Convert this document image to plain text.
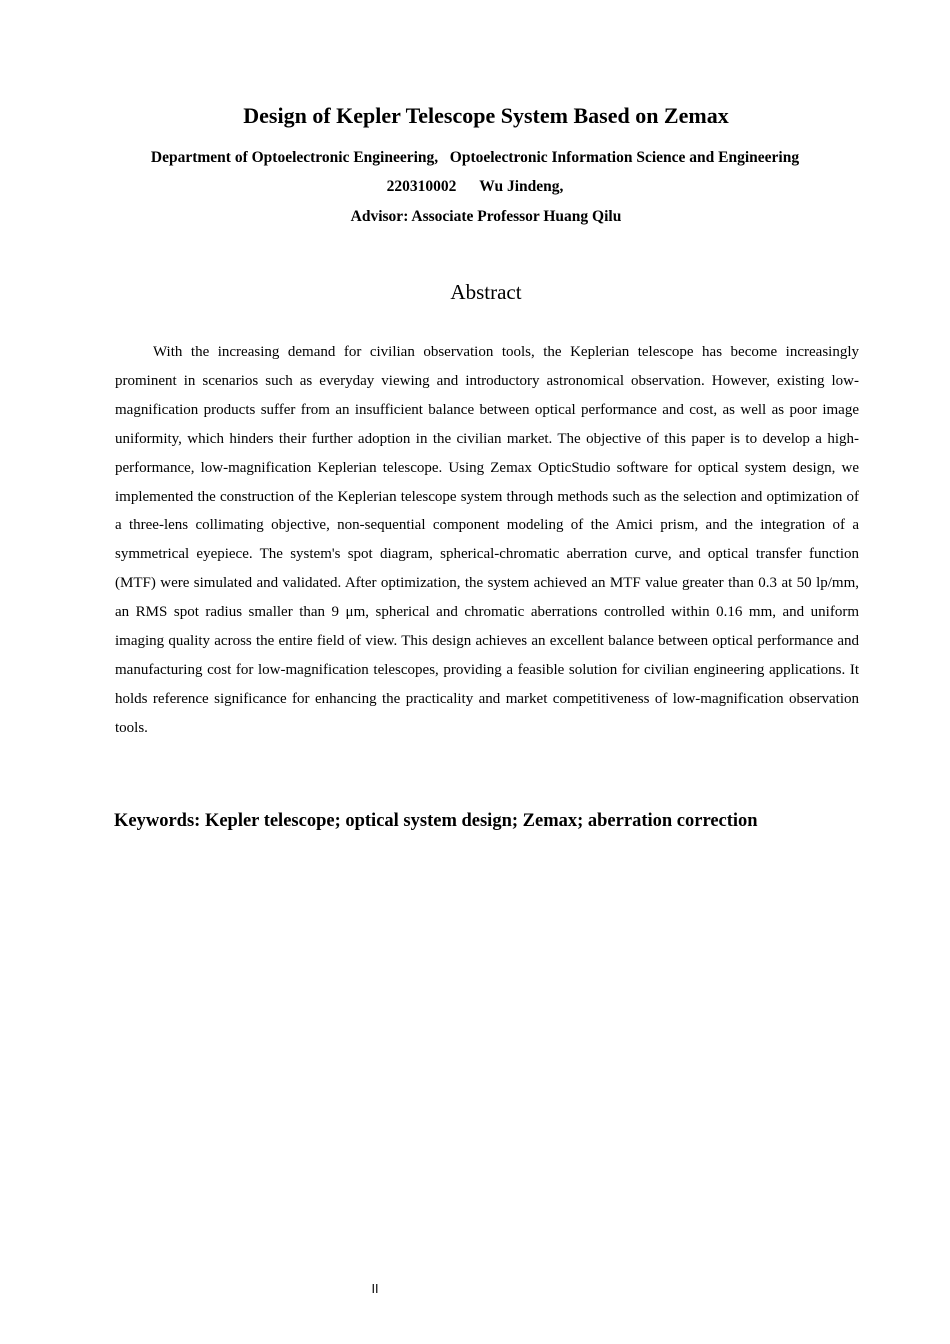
Design of Kepler Telescope System Based on Zemax

Department of Optoelectronic Engineering,   Optoelectronic Information Science and Engineering

220310002      Wu Jindeng,

Advisor: Associate Professor Huang Qilu

Abstract

With the increasing demand for civilian observation tools, the Keplerian telescope has become increasingly prominent in scenarios such as everyday viewing and introductory astronomical observation. However, existing low-magnification products suffer from an insufficient balance between optical performance and cost, as well as poor image uniformity, which hinders their further adoption in the civilian market. The objective of this paper is to develop a high-performance, low-magnification Keplerian telescope. Using Zemax OpticStudio software for optical system design, we implemented the construction of the Keplerian telescope system through methods such as the selection and optimization of a three-lens collimating objective, non-sequential component modeling of the Amici prism, and the integration of a symmetrical eyepiece. The system's spot diagram, spherical-chromatic aberration curve, and optical transfer function (MTF) were simulated and validated. After optimization, the system achieved an MTF value greater than 0.3 at 50 lp/mm, an RMS spot radius smaller than 9 μm, spherical and chromatic aberrations controlled within 0.16 mm, and uniform imaging quality across the entire field of view. This design achieves an excellent balance between optical performance and manufacturing cost for low-magnification telescopes, providing a feasible solution for civilian engineering applications. It holds reference significance for enhancing the practicality and market competitiveness of low-magnification observation tools.

Keywords: Kepler telescope; optical system design; Zemax; aberration correction

II
